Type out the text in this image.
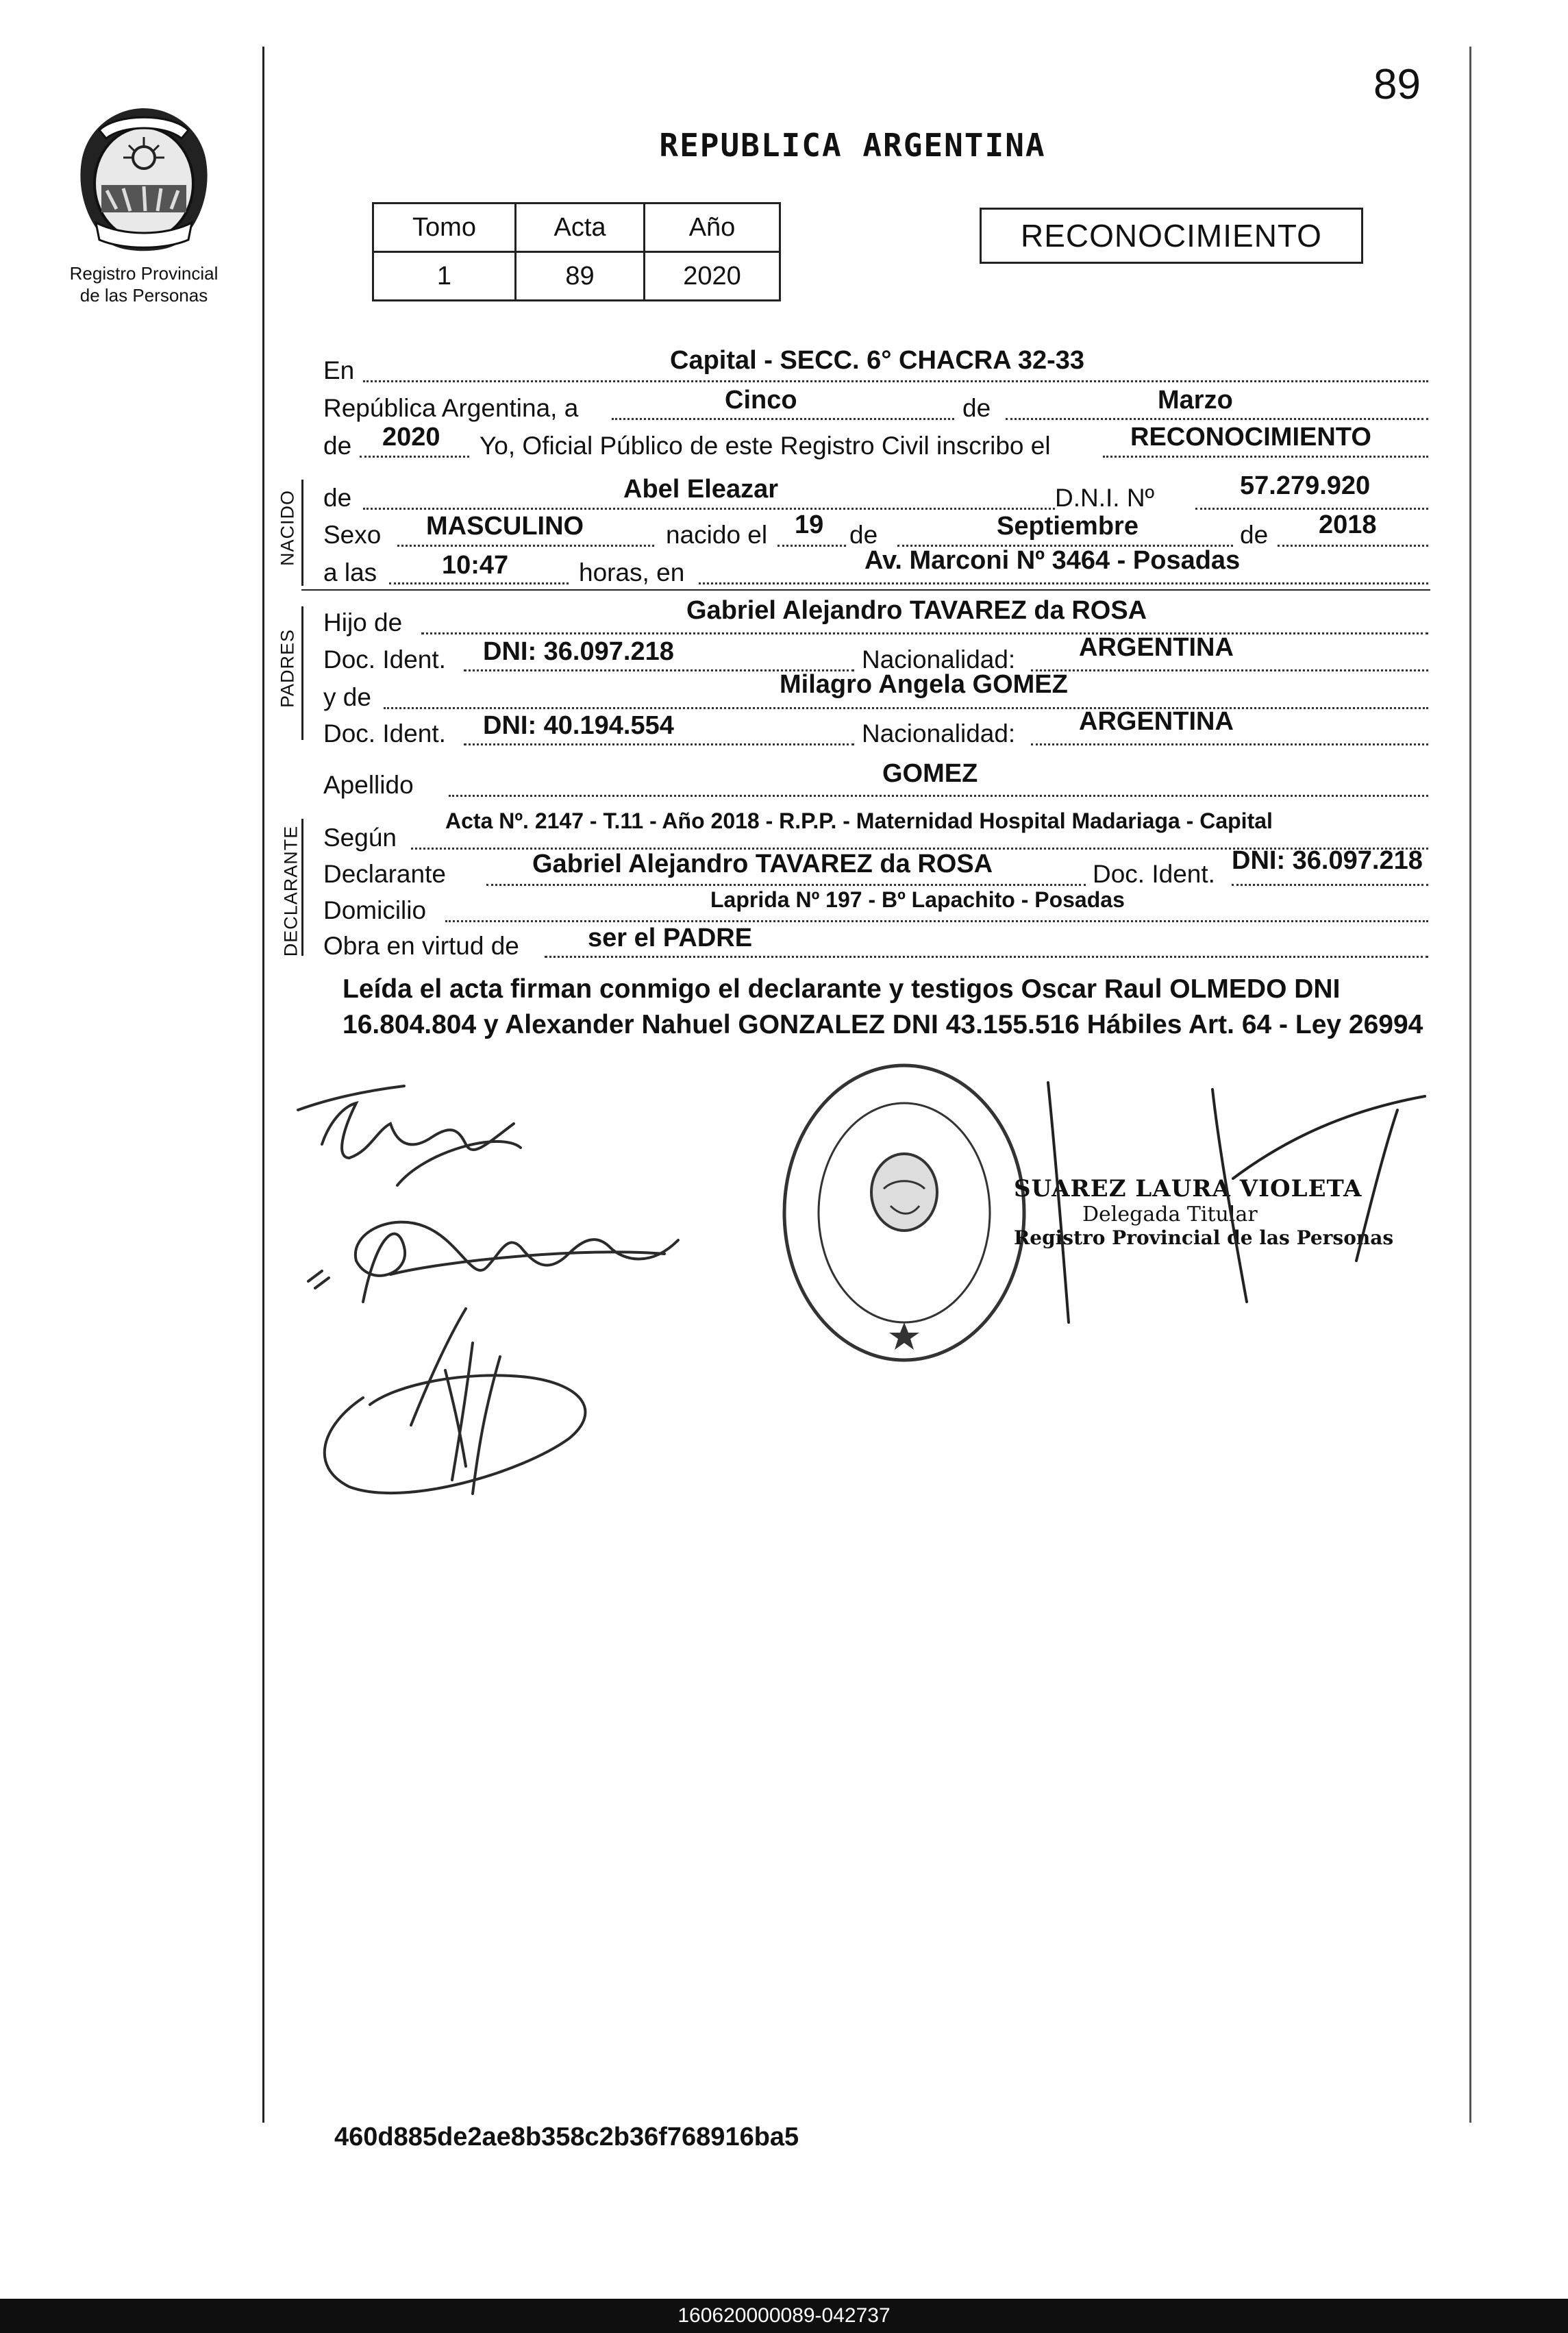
89
Registro Provincial
de las Personas
REPUBLICA ARGENTINA
Tomo	Acta	Año
1	89	2020
RECONOCIMIENTO
En	Capital - SECC. 6° CHACRA 32-33
República Argentina, a	Cinco	de	Marzo
de 2020 Yo, Oficial Público de este Registro Civil inscribo el	RECONOCIMIENTO
NACIDO de	Abel Eleazar	D.N.I. Nº	57.279.920
Sexo MASCULINO	nacido el 19 de	Septiembre	de 2018
a las 10:47	horas, en	Av. Marconi Nº 3464 - Posadas
PADRES
Hijo de	Gabriel Alejandro TAVAREZ da ROSA
Doc. Ident. DNI: 36.097.218	Nacionalidad: ARGENTINA
y de	Milagro Angela GOMEZ
Doc. Ident. DNI: 40.194.554	Nacionalidad: ARGENTINA
Apellido	GOMEZ
DECLARANTE Según
Acta Nº. 2147 - T.11 - Año 2018 - R.P.P. - Maternidad Hospital Madariaga - Capital
Declarante	Gabriel Alejandro TAVAREZ da ROSA	Doc. Ident. DNI: 36.097.218
Domicilio	Laprida Nº 197 - Bº Lapachito - Posadas
Obra en virtud de	ser el PADRE
Leída el acta firman conmigo el declarante y testigos Oscar Raul OLMEDO DNI 16.804.804 y Alexander Nahuel GONZALEZ DNI 43.155.516 Hábiles Art. 64 - Ley 26994
SUAREZ LAURA VIOLETA
Delegada Titular
Registro Provincial de las Personas
460d885de2ae8b358c2b36f768916ba5
160620000089-042737
